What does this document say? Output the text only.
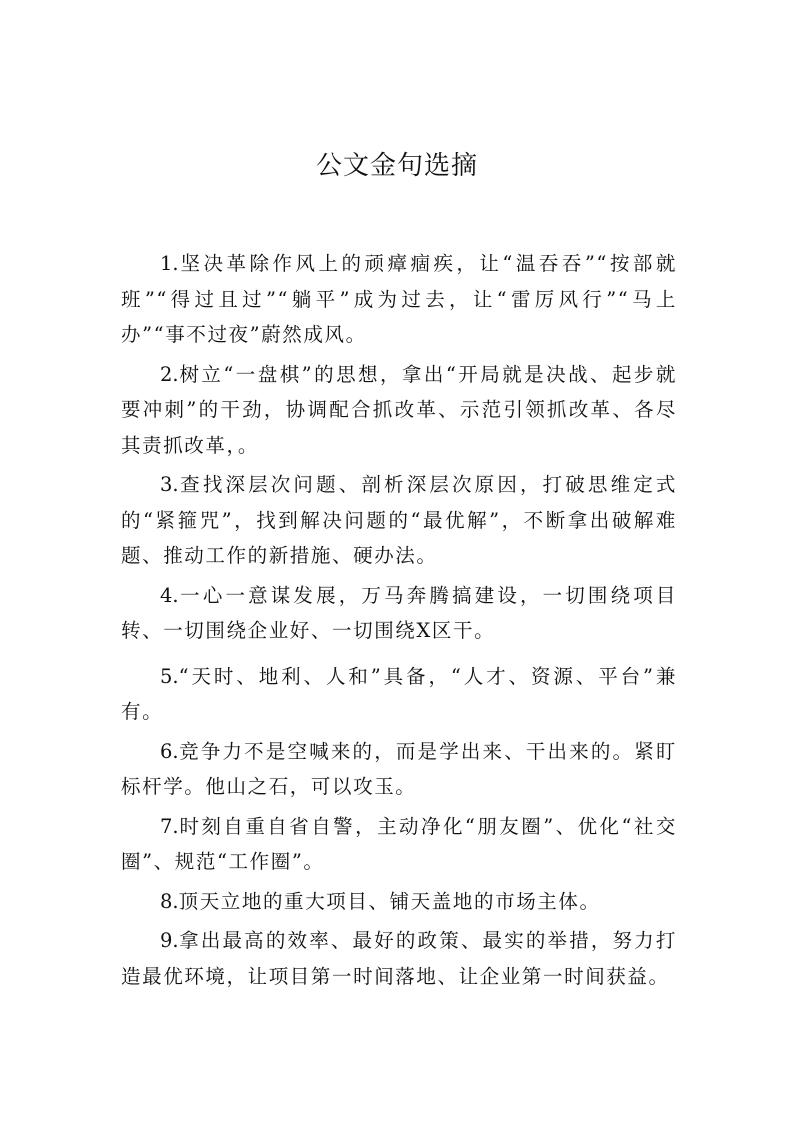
公文金句选摘

1.坚决革除作风上的顽瘴痼疾，让“温吞吞”“按部就班”“得过且过”“躺平”成为过去，让“雷厉风行”“马上办”“事不过夜”蔚然成风。

2.树立“一盘棋”的思想，拿出“开局就是决战、起步就要冲刺”的干劲，协调配合抓改革、示范引领抓改革、各尽其责抓改革，。

3.查找深层次问题、剖析深层次原因，打破思维定式的“紧箍咒”，找到解决问题的“最优解”，不断拿出破解难题、推动工作的新措施、硬办法。

4.一心一意谋发展，万马奔腾搞建设，一切围绕项目转、一切围绕企业好、一切围绕X区干。

5.“天时、地利、人和”具备，“人才、资源、平台”兼有。

6.竞争力不是空喊来的，而是学出来、干出来的。紧盯标杆学。他山之石，可以攻玉。

7.时刻自重自省自警，主动净化“朋友圈”、优化“社交圈”、规范“工作圈”。

8.顶天立地的重大项目、铺天盖地的市场主体。

9.拿出最高的效率、最好的政策、最实的举措，努力打造最优环境，让项目第一时间落地、让企业第一时间获益。
